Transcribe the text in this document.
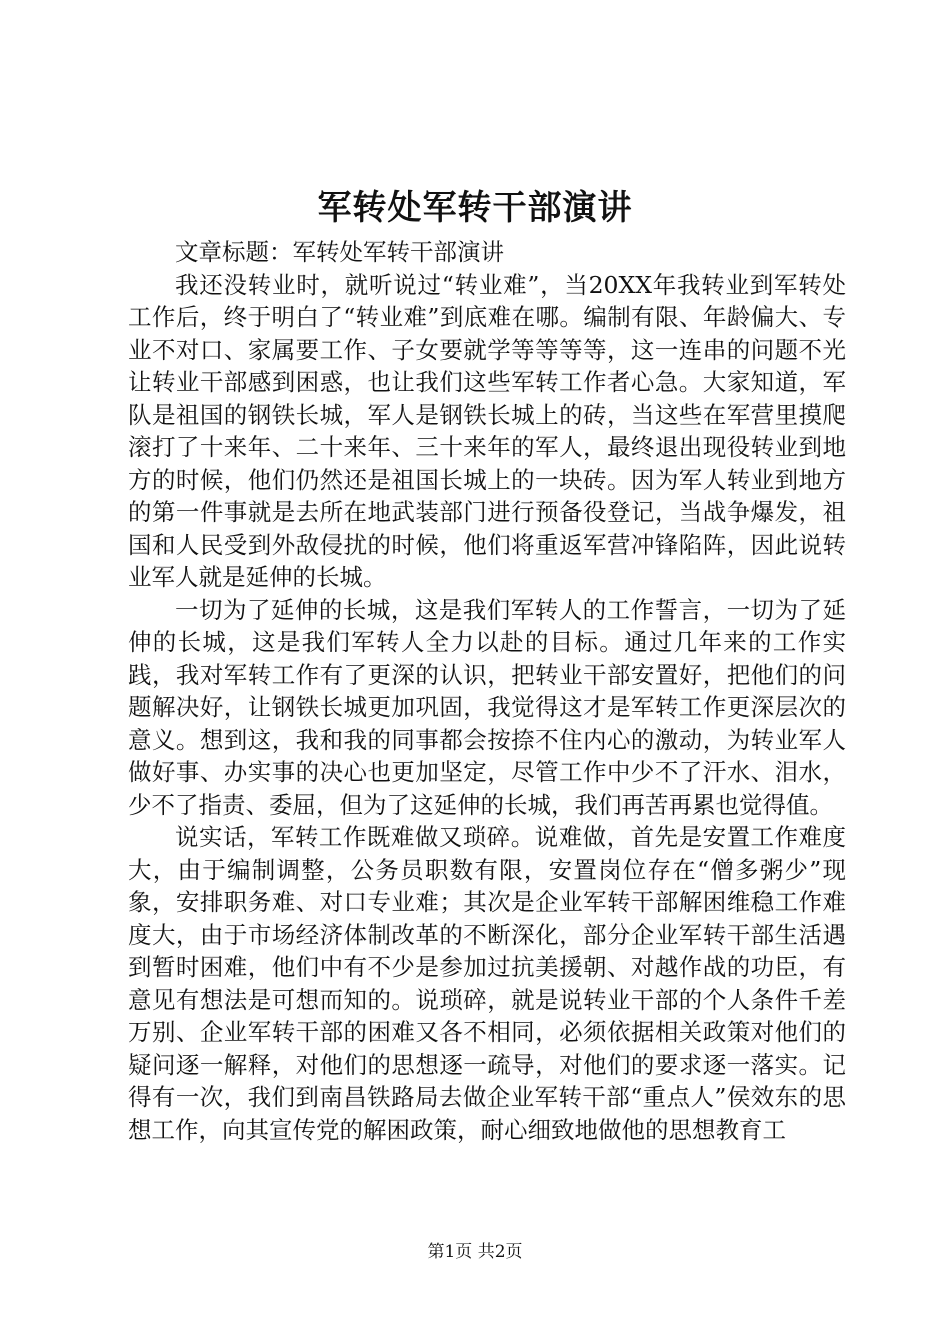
军转处军转干部演讲

文章标题：军转处军转干部演讲

我还没转业时，就听说过“转业难”，当20XX年我转业到军转处工作后，终于明白了“转业难”到底难在哪。编制有限、年龄偏大、专业不对口、家属要工作、子女要就学等等等等，这一连串的问题不光让转业干部感到困惑，也让我们这些军转工作者心急。大家知道，军队是祖国的钢铁长城，军人是钢铁长城上的砖，当这些在军营里摸爬滚打了十来年、二十来年、三十来年的军人，最终退出现役转业到地方的时候，他们仍然还是祖国长城上的一块砖。因为军人转业到地方的第一件事就是去所在地武装部门进行预备役登记，当战争爆发，祖国和人民受到外敌侵扰的时候，他们将重返军营冲锋陷阵，因此说转业军人就是延伸的长城。

一切为了延伸的长城，这是我们军转人的工作誓言，一切为了延伸的长城，这是我们军转人全力以赴的目标。通过几年来的工作实践，我对军转工作有了更深的认识，把转业干部安置好，把他们的问题解决好，让钢铁长城更加巩固，我觉得这才是军转工作更深层次的意义。想到这，我和我的同事都会按捺不住内心的激动，为转业军人做好事、办实事的决心也更加坚定，尽管工作中少不了汗水、泪水，少不了指责、委屈，但为了这延伸的长城，我们再苦再累也觉得值。

说实话，军转工作既难做又琐碎。说难做，首先是安置工作难度大，由于编制调整，公务员职数有限，安置岗位存在“僧多粥少”现象，安排职务难、对口专业难；其次是企业军转干部解困维稳工作难度大，由于市场经济体制改革的不断深化，部分企业军转干部生活遇到暂时困难，他们中有不少是参加过抗美援朝、对越作战的功臣，有意见有想法是可想而知的。说琐碎，就是说转业干部的个人条件千差万别、企业军转干部的困难又各不相同，必须依据相关政策对他们的疑问逐一解释，对他们的思想逐一疏导，对他们的要求逐一落实。记得有一次，我们到南昌铁路局去做企业军转干部“重点人”侯效东的思想工作，向其宣传党的解困政策，耐心细致地做他的思想教育工

第1页 共2页
